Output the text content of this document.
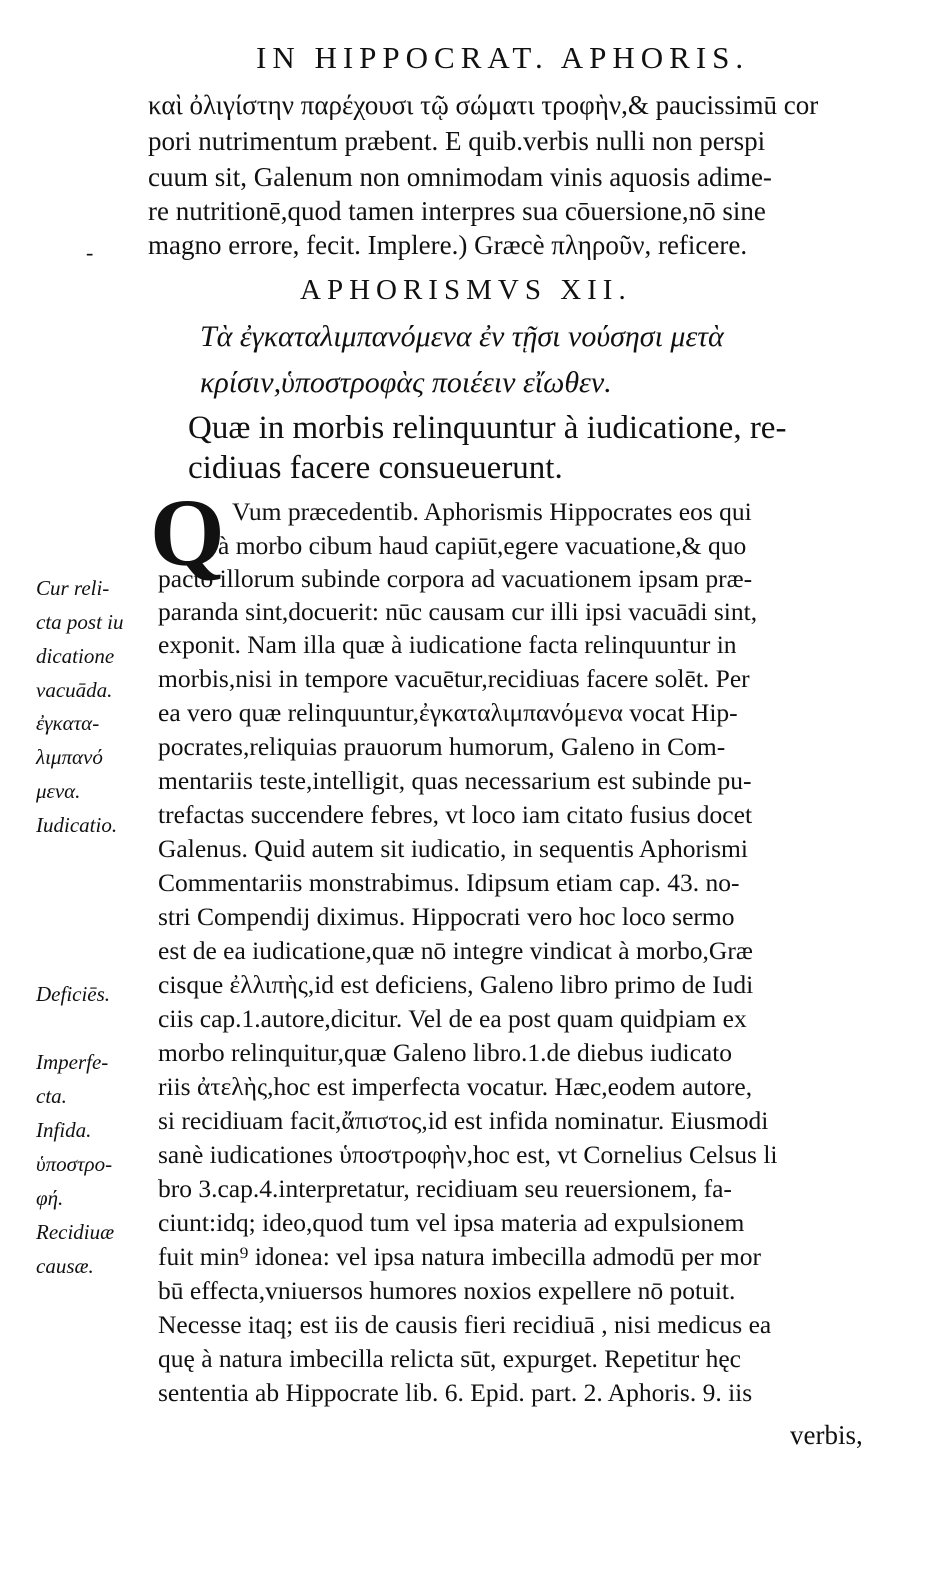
IN HIPPOCRAT. APHORIS.
καὶ ὀλιγίστην παρέχουσι τῷ σώματι τροφὴν,& paucissimū cor
pori nutrimentum præbent. E quib.verbis nulli non perspi
cuum sit, Galenum non omnimodam vinis aquosis adime-
re nutritionē,quod tamen interpres sua cōuersione,nō sine
magno errore, fecit. Implere.) Græcè πληροῦν, reficere.
-
APHORISMVS XII.
Τὰ ἐγκαταλιμπανόμενα ἐν τῇσι νούσησι μετὰ
κρίσιν,ὑποστροφὰς ποιέειν εἴωθεν.
Quæ in morbis relinquuntur à iudicatione, re-
cidiuas facere consueuerunt.
Q Vum præcedentib. Aphorismis Hippocrates eos qui
à morbo cibum haud capiūt,egere vacuatione,& quo
pacto illorum subinde corpora ad vacuationem ipsam præ-
paranda sint,docuerit: nūc causam cur illi ipsi vacuādi sint,
exponit. Nam illa quæ à iudicatione facta relinquuntur in
morbis,nisi in tempore vacuētur,recidiuas facere solēt. Per
ea vero quæ relinquuntur,ἐγκαταλιμπανόμενα vocat Hip-
pocrates,reliquias prauorum humorum, Galeno in Com-
mentariis teste,intelligit, quas necessarium est subinde pu-
trefactas succendere febres, vt loco iam citato fusius docet
Galenus. Quid autem sit iudicatio, in sequentis Aphorismi
Commentariis monstrabimus. Idipsum etiam cap. 43. no-
stri Compendij diximus. Hippocrati vero hoc loco sermo
est de ea iudicatione,quæ nō integre vindicat à morbo,Græ
cisque ἐλλιπὴς,id est deficiens, Galeno libro primo de Iudi
ciis cap.1.autore,dicitur. Vel de ea post quam quidpiam ex
morbo relinquitur,quæ Galeno libro.1.de diebus iudicato
riis ἀτελὴς,hoc est imperfecta vocatur. Hæc,eodem autore,
si recidiuam facit,ἄπιστος,id est infida nominatur. Eiusmodi
sanè iudicationes ὑποστροφὴν,hoc est, vt Cornelius Celsus li
bro 3.cap.4.interpretatur, recidiuam seu reuersionem, fa-
ciunt:idq; ideo,quod tum vel ipsa materia ad expulsionem
fuit min⁹ idonea: vel ipsa natura imbecilla admodū per mor
bū effecta,vniuersos humores noxios expellere nō potuit.
Necesse itaq; est iis de causis fieri recidiuā , nisi medicus ea
quę à natura imbecilla relicta sūt, expurget. Repetitur hęc
sententia ab Hippocrate lib. 6. Epid. part. 2. Aphoris. 9. iis
verbis,
Cur reli-
cta post iu
dicatione
vacuāda.
ἐγκατα-
λιμπανό
μενα.
Iudicatio.
Deficiēs.
Imperfe-
cta.
Infida.
ὑποστρο-
φή.
Recidiuæ
causæ.
